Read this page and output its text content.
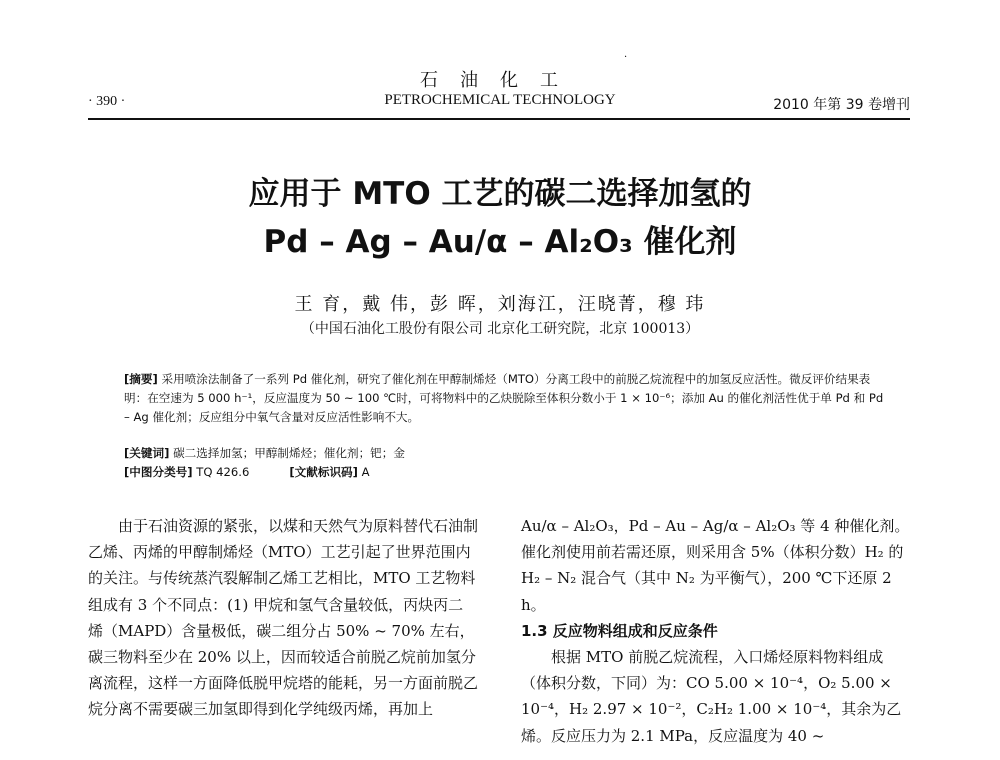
·
石油化工
PETROCHEMICAL TECHNOLOGY
· 390 ·	2010 年第 39 卷增刊
应用于 MTO 工艺的碳二选择加氢的
Pd – Ag – Au/α – Al₂O₃ 催化剂
王 育，戴 伟，彭 晖，刘海江，汪晓菁，穆 玮
（中国石油化工股份有限公司 北京化工研究院，北京 100013）

[摘要] 采用喷涂法制备了一系列 Pd 催化剂，研究了催化剂在甲醇制烯烃（MTO）分离工段中的前脱乙烷流程中的加氢反应活性。微反评价结果表明：在空速为 5 000 h⁻¹，反应温度为 50 ~ 100 ℃时，可将物料中的乙炔脱除至体积分数小于 1 × 10⁻⁶；添加 Au 的催化剂活性优于单 Pd 和 Pd – Ag 催化剂；反应组分中氧气含量对反应活性影响不大。

[关键词] 碳二选择加氢；甲醇制烯烃；催化剂；钯；金

[中图分类号] TQ 426.6	[文献标识码] A

由于石油资源的紧张，以煤和天然气为原料替代石油制乙烯、丙烯的甲醇制烯烃（MTO）工艺引起了世界范围内的关注。与传统蒸汽裂解制乙烯工艺相比，MTO 工艺物料组成有 3 个不同点：(1) 甲烷和氢气含量较低，丙炔丙二烯（MAPD）含量极低，碳二组分占 50% ~ 70% 左右，碳三物料至少在 20% 以上，因而较适合前脱乙烷前加氢分离流程，这样一方面降低脱甲烷塔的能耗，另一方面前脱乙烷分离不需要碳三加氢即得到化学纯级丙烯，再加上

Au/α – Al₂O₃，Pd – Au – Ag/α – Al₂O₃ 等 4 种催化剂。催化剂使用前若需还原，则采用含 5%（体积分数）H₂ 的 H₂ – N₂ 混合气（其中 N₂ 为平衡气），200 ℃下还原 2 h。

1.3 反应物料组成和反应条件

根据 MTO 前脱乙烷流程，入口烯烃原料物料组成（体积分数，下同）为：CO 5.00 × 10⁻⁴，O₂ 5.00 × 10⁻⁴，H₂ 2.97 × 10⁻²，C₂H₂ 1.00 × 10⁻⁴，其余为乙烯。反应压力为 2.1 MPa，反应温度为 40 ~
